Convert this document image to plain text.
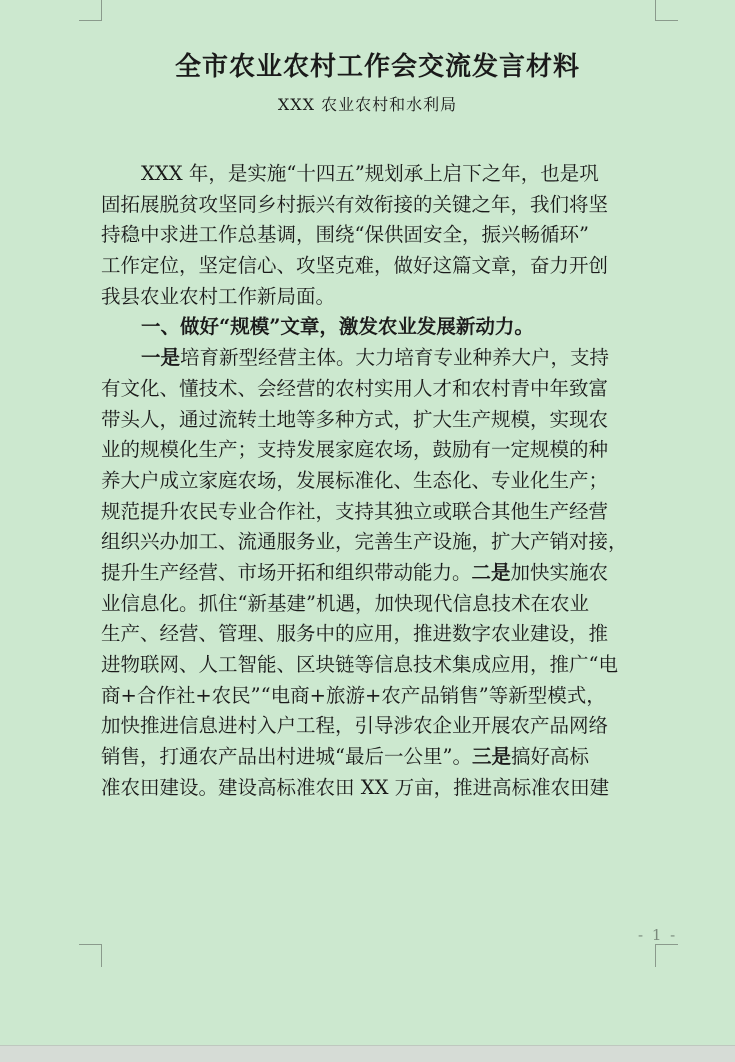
全市农业农村工作会交流发言材料
XXX 农业农村和水利局
XXX 年，是实施“十四五”规划承上启下之年，也是巩
固拓展脱贫攻坚同乡村振兴有效衔接的关键之年，我们将坚
持稳中求进工作总基调，围绕“保供固安全，振兴畅循环”
工作定位，坚定信心、攻坚克难，做好这篇文章，奋力开创
我县农业农村工作新局面。
一、做好“规模”文章，激发农业发展新动力。
一是培育新型经营主体。大力培育专业种养大户，支持
有文化、懂技术、会经营的农村实用人才和农村青中年致富
带头人，通过流转土地等多种方式，扩大生产规模，实现农
业的规模化生产；支持发展家庭农场，鼓励有一定规模的种
养大户成立家庭农场，发展标准化、生态化、专业化生产；
规范提升农民专业合作社，支持其独立或联合其他生产经营
组织兴办加工、流通服务业，完善生产设施，扩大产销对接，
提升生产经营、市场开拓和组织带动能力。二是加快实施农
业信息化。抓住“新基建”机遇，加快现代信息技术在农业
生产、经营、管理、服务中的应用，推进数字农业建设，推
进物联网、人工智能、区块链等信息技术集成应用，推广“电
商+合作社+农民”“电商+旅游+农产品销售”等新型模式，
加快推进信息进村入户工程，引导涉农企业开展农产品网络
销售，打通农产品出村进城“最后一公里”。三是搞好高标
准农田建设。建设高标准农田 XX 万亩，推进高标准农田建
- 1 -
